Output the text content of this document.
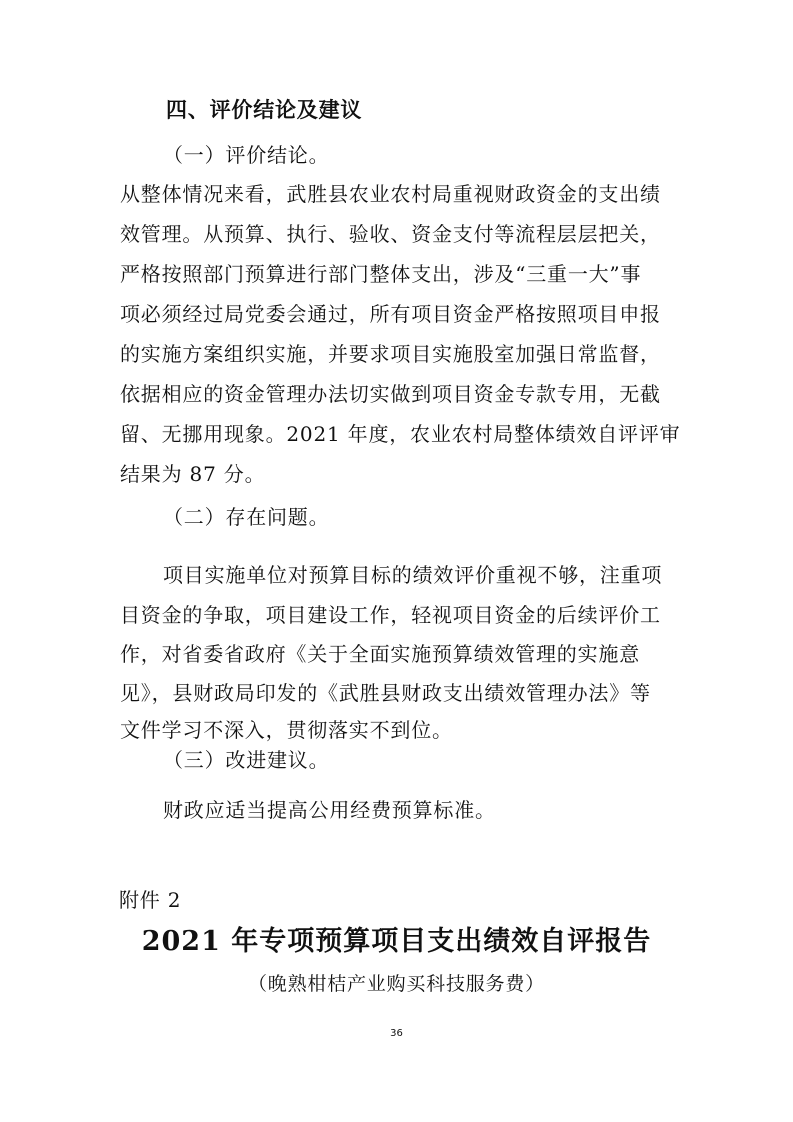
四、评价结论及建议
（一）评价结论。
从整体情况来看，武胜县农业农村局重视财政资金的支出绩
效管理。从预算、执行、验收、资金支付等流程层层把关，
严格按照部门预算进行部门整体支出，涉及“三重一大”事
项必须经过局党委会通过，所有项目资金严格按照项目申报
的实施方案组织实施，并要求项目实施股室加强日常监督，
依据相应的资金管理办法切实做到项目资金专款专用，无截
留、无挪用现象。2021 年度，农业农村局整体绩效自评评审
结果为 87 分。
（二）存在问题。
项目实施单位对预算目标的绩效评价重视不够，注重项
目资金的争取，项目建设工作，轻视项目资金的后续评价工
作，对省委省政府《关于全面实施预算绩效管理的实施意
见》，县财政局印发的《武胜县财政支出绩效管理办法》等
文件学习不深入，贯彻落实不到位。
（三）改进建议。
财政应适当提高公用经费预算标准。
附件 2
2021 年专项预算项目支出绩效自评报告
（晚熟柑桔产业购买科技服务费）
36
